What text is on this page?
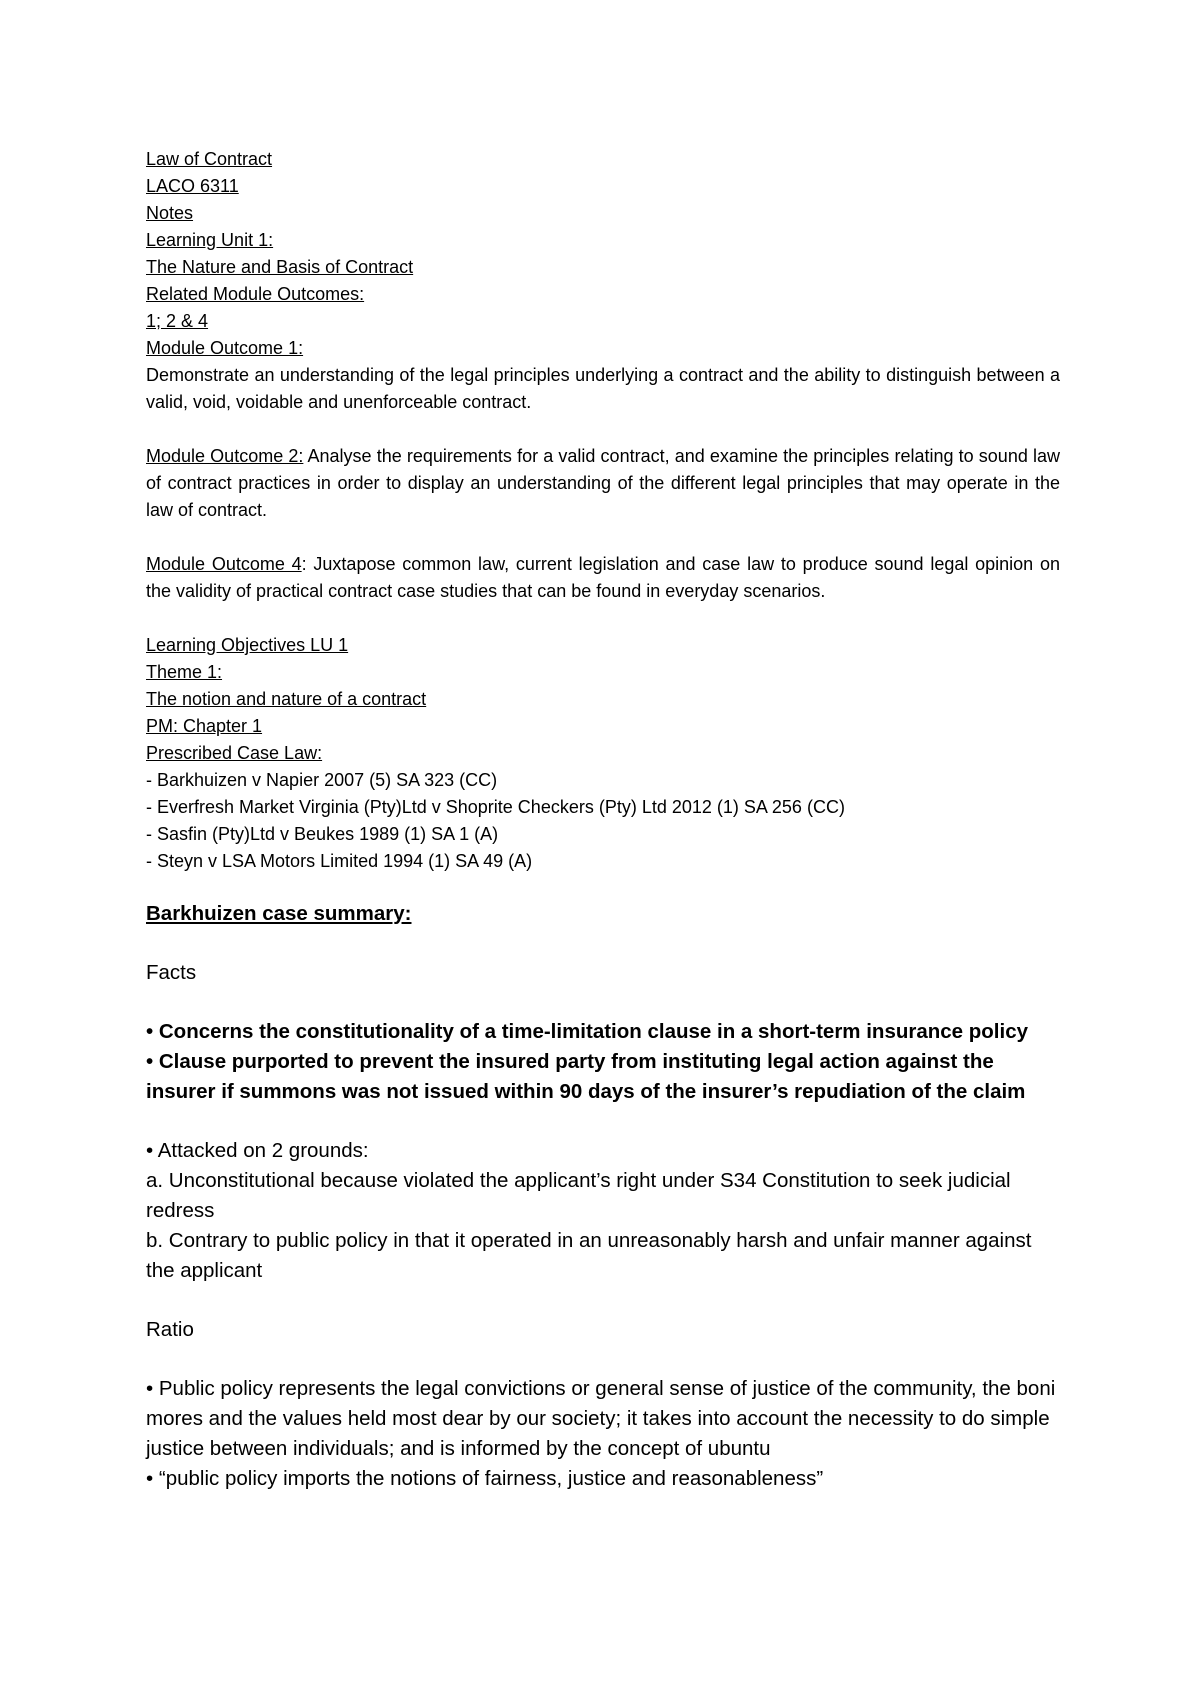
Law of Contract
LACO 6311
Notes
Learning Unit 1:
The Nature and Basis of Contract
Related Module Outcomes:
1; 2 & 4
Module Outcome 1:

Demonstrate an understanding of the legal principles underlying a contract and the ability to distinguish between a valid, void, voidable and unenforceable contract.

Module Outcome 2: Analyse the requirements for a valid contract, and examine the principles relating to sound law of contract practices in order to display an understanding of the different legal principles that may operate in the law of contract.

Module Outcome 4: Juxtapose common law, current legislation and case law to produce sound legal opinion on the validity of practical contract case studies that can be found in everyday scenarios.

Learning Objectives LU 1
Theme 1:
The notion and nature of a contract
PM: Chapter 1
Prescribed Case Law:
- Barkhuizen v Napier 2007 (5) SA 323 (CC)
- Everfresh Market Virginia (Pty)Ltd v Shoprite Checkers (Pty) Ltd 2012 (1) SA 256 (CC)
- Sasfin (Pty)Ltd v Beukes 1989 (1) SA 1 (A)
- Steyn v LSA Motors Limited 1994 (1) SA 49 (A)

Barkhuizen case summary:

Facts

• Concerns the constitutionality of a time-limitation clause in a short-term insurance policy

• Clause purported to prevent the insured party from instituting legal action against the insurer if summons was not issued within 90 days of the insurer’s repudiation of the claim

• Attacked on 2 grounds:

a. Unconstitutional because violated the applicant’s right under S34 Constitution to seek judicial redress

b. Contrary to public policy in that it operated in an unreasonably harsh and unfair manner against the applicant

Ratio

• Public policy represents the legal convictions or general sense of justice of the community, the boni mores and the values held most dear by our society; it takes into account the necessity to do simple justice between individuals; and is informed by the concept of ubuntu

• “public policy imports the notions of fairness, justice and reasonableness”
